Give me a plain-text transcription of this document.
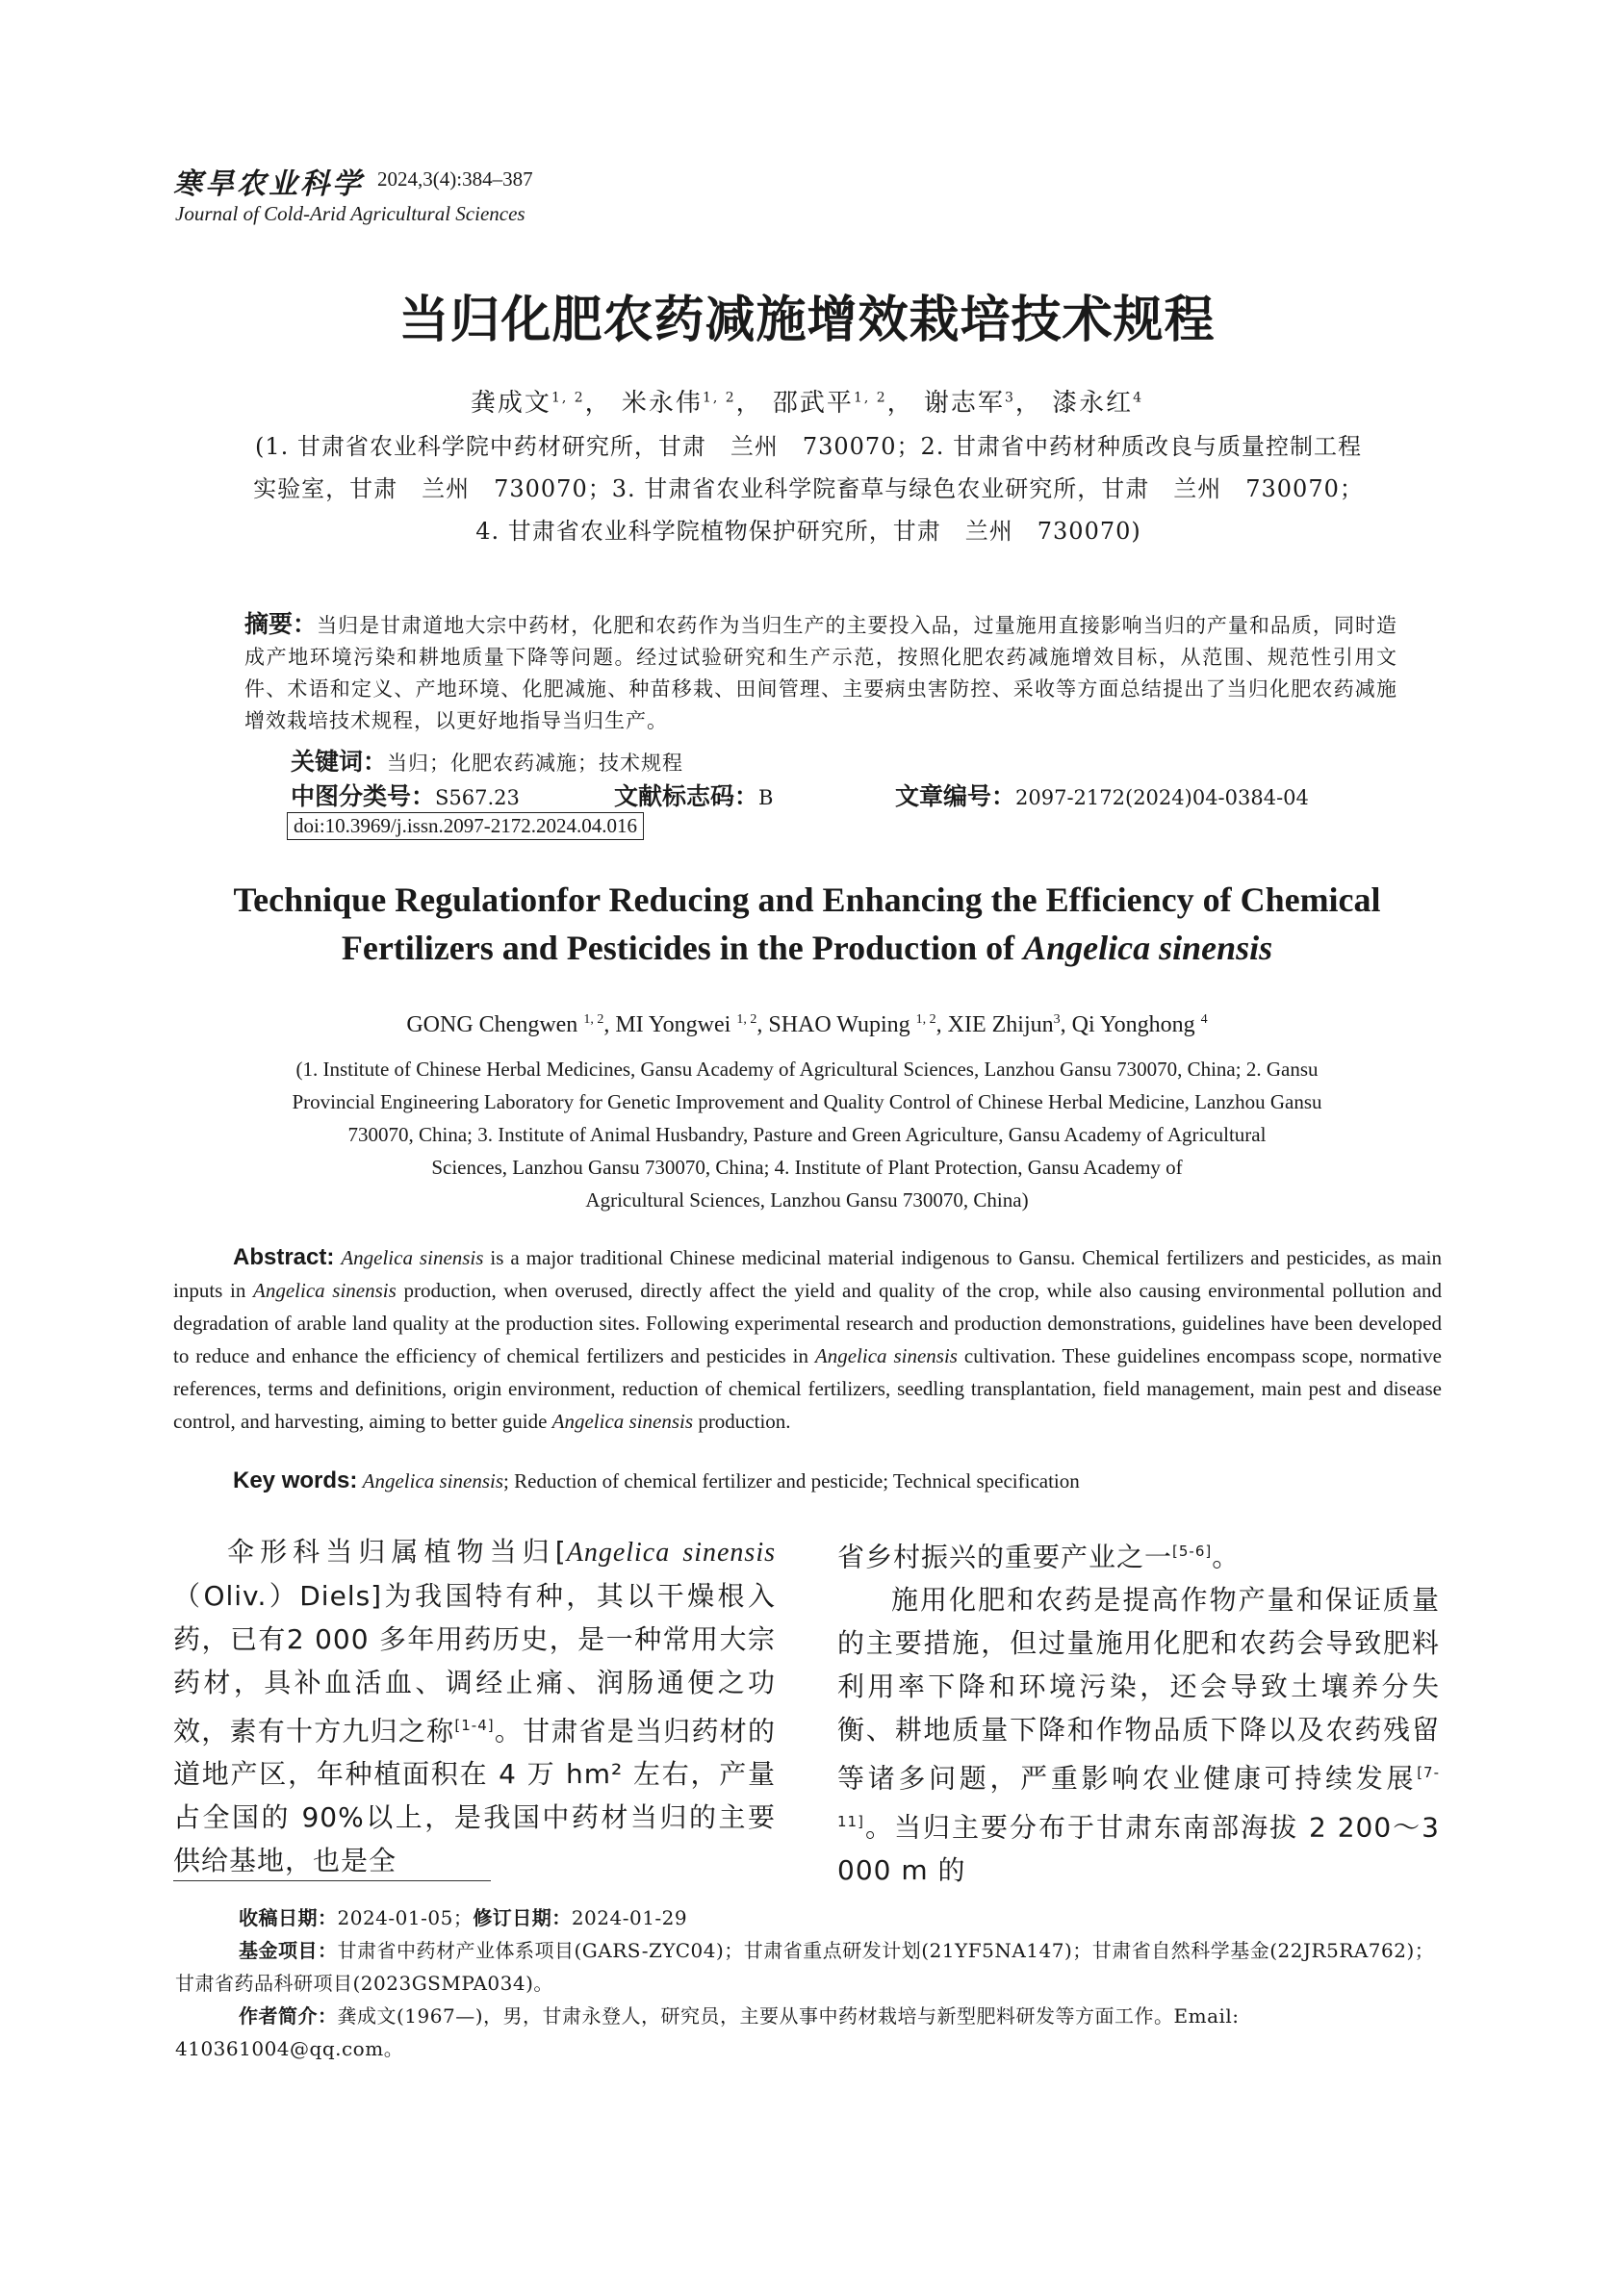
寒旱农业科学 2024,3(4):384–387
Journal of Cold-Arid Agricultural Sciences
当归化肥农药减施增效栽培技术规程
龚成文$^{1, 2}$， 米永伟$^{1, 2}$， 邵武平$^{1, 2}$， 谢志军$^3$， 漆永红$^4$
(1. 甘肃省农业科学院中药材研究所，甘肃　兰州　730070；2. 甘肃省中药材种质改良与质量控制工程
实验室，甘肃　兰州　730070；3. 甘肃省农业科学院畜草与绿色农业研究所，甘肃　兰州　730070；
4. 甘肃省农业科学院植物保护研究所，甘肃　兰州　730070)
摘要：当归是甘肃道地大宗中药材，化肥和农药作为当归生产的主要投入品，过量施用直接影响当归的产量和品质，同时造成产地环境污染和耕地质量下降等问题。经过试验研究和生产示范，按照化肥农药减施增效目标，从范围、规范性引用文件、术语和定义、产地环境、化肥减施、种苗移栽、田间管理、主要病虫害防控、采收等方面总结提出了当归化肥农药减施增效栽培技术规程，以更好地指导当归生产。
关键词：当归；化肥农药减施；技术规程
中图分类号：S567.23	文献标志码：B	文章编号：2097-2172(2024)04-0384-04
doi:10.3969/j.issn.2097-2172.2024.04.016
Technique Regulationfor Reducing and Enhancing the Efficiency of Chemical
Fertilizers and Pesticides in the Production of Angelica sinensis
GONG Chengwen $^{1, 2}$, MI Yongwei $^{1, 2}$, SHAO Wuping $^{1, 2}$, XIE Zhijun$^3$, Qi Yonghong $^4$
(1. Institute of Chinese Herbal Medicines, Gansu Academy of Agricultural Sciences, Lanzhou Gansu 730070, China; 2. Gansu
Provincial Engineering Laboratory for Genetic Improvement and Quality Control of Chinese Herbal Medicine, Lanzhou Gansu
730070, China; 3. Institute of Animal Husbandry, Pasture and Green Agriculture, Gansu Academy of Agricultural
Sciences, Lanzhou Gansu 730070, China; 4. Institute of Plant Protection, Gansu Academy of
Agricultural Sciences, Lanzhou Gansu 730070, China)
Abstract: Angelica sinensis is a major traditional Chinese medicinal material indigenous to Gansu. Chemical fertilizers and pesticides, as main inputs in Angelica sinensis production, when overused, directly affect the yield and quality of the crop, while also causing environmental pollution and degradation of arable land quality at the production sites. Following experimental research and production demonstrations, guidelines have been developed to reduce and enhance the efficiency of chemical fertilizers and pesticides in Angelica sinensis cultivation. These guidelines encompass scope, normative references, terms and definitions, origin environment, reduction of chemical fertilizers, seedling transplantation, field management, main pest and disease control, and harvesting, aiming to better guide Angelica sinensis production.
Key words: Angelica sinensis; Reduction of chemical fertilizer and pesticide; Technical specification
伞形科当归属植物当归[Angelica sinensis（Oliv.）Diels]为我国特有种，其以干燥根入药，已有2 000 多年用药历史，是一种常用大宗药材，具补血活血、调经止痛、润肠通便之功效，素有十方九归之称[1-4]。甘肃省是当归药材的道地产区，年种植面积在 4 万 hm² 左右，产量占全国的 90%以上，是我国中药材当归的主要供给基地，也是全

省乡村振兴的重要产业之一[5-6]。

施用化肥和农药是提高作物产量和保证质量的主要措施，但过量施用化肥和农药会导致肥料利用率下降和环境污染，还会导致土壤养分失衡、耕地质量下降和作物品质下降以及农药残留等诸多问题，严重影响农业健康可持续发展[7-11]。当归主要分布于甘肃东南部海拔 2 200～3 000 m 的

收稿日期：2024-01-05；修订日期：2024-01-29
基金项目：甘肃省中药材产业体系项目(GARS-ZYC04)；甘肃省重点研发计划(21YF5NA147)；甘肃省自然科学基金(22JR5RA762)；甘肃省药品科研项目(2023GSMPA034)。
作者简介：龚成文(1967—)，男，甘肃永登人，研究员，主要从事中药材栽培与新型肥料研发等方面工作。Email: 410361004@qq.com。
